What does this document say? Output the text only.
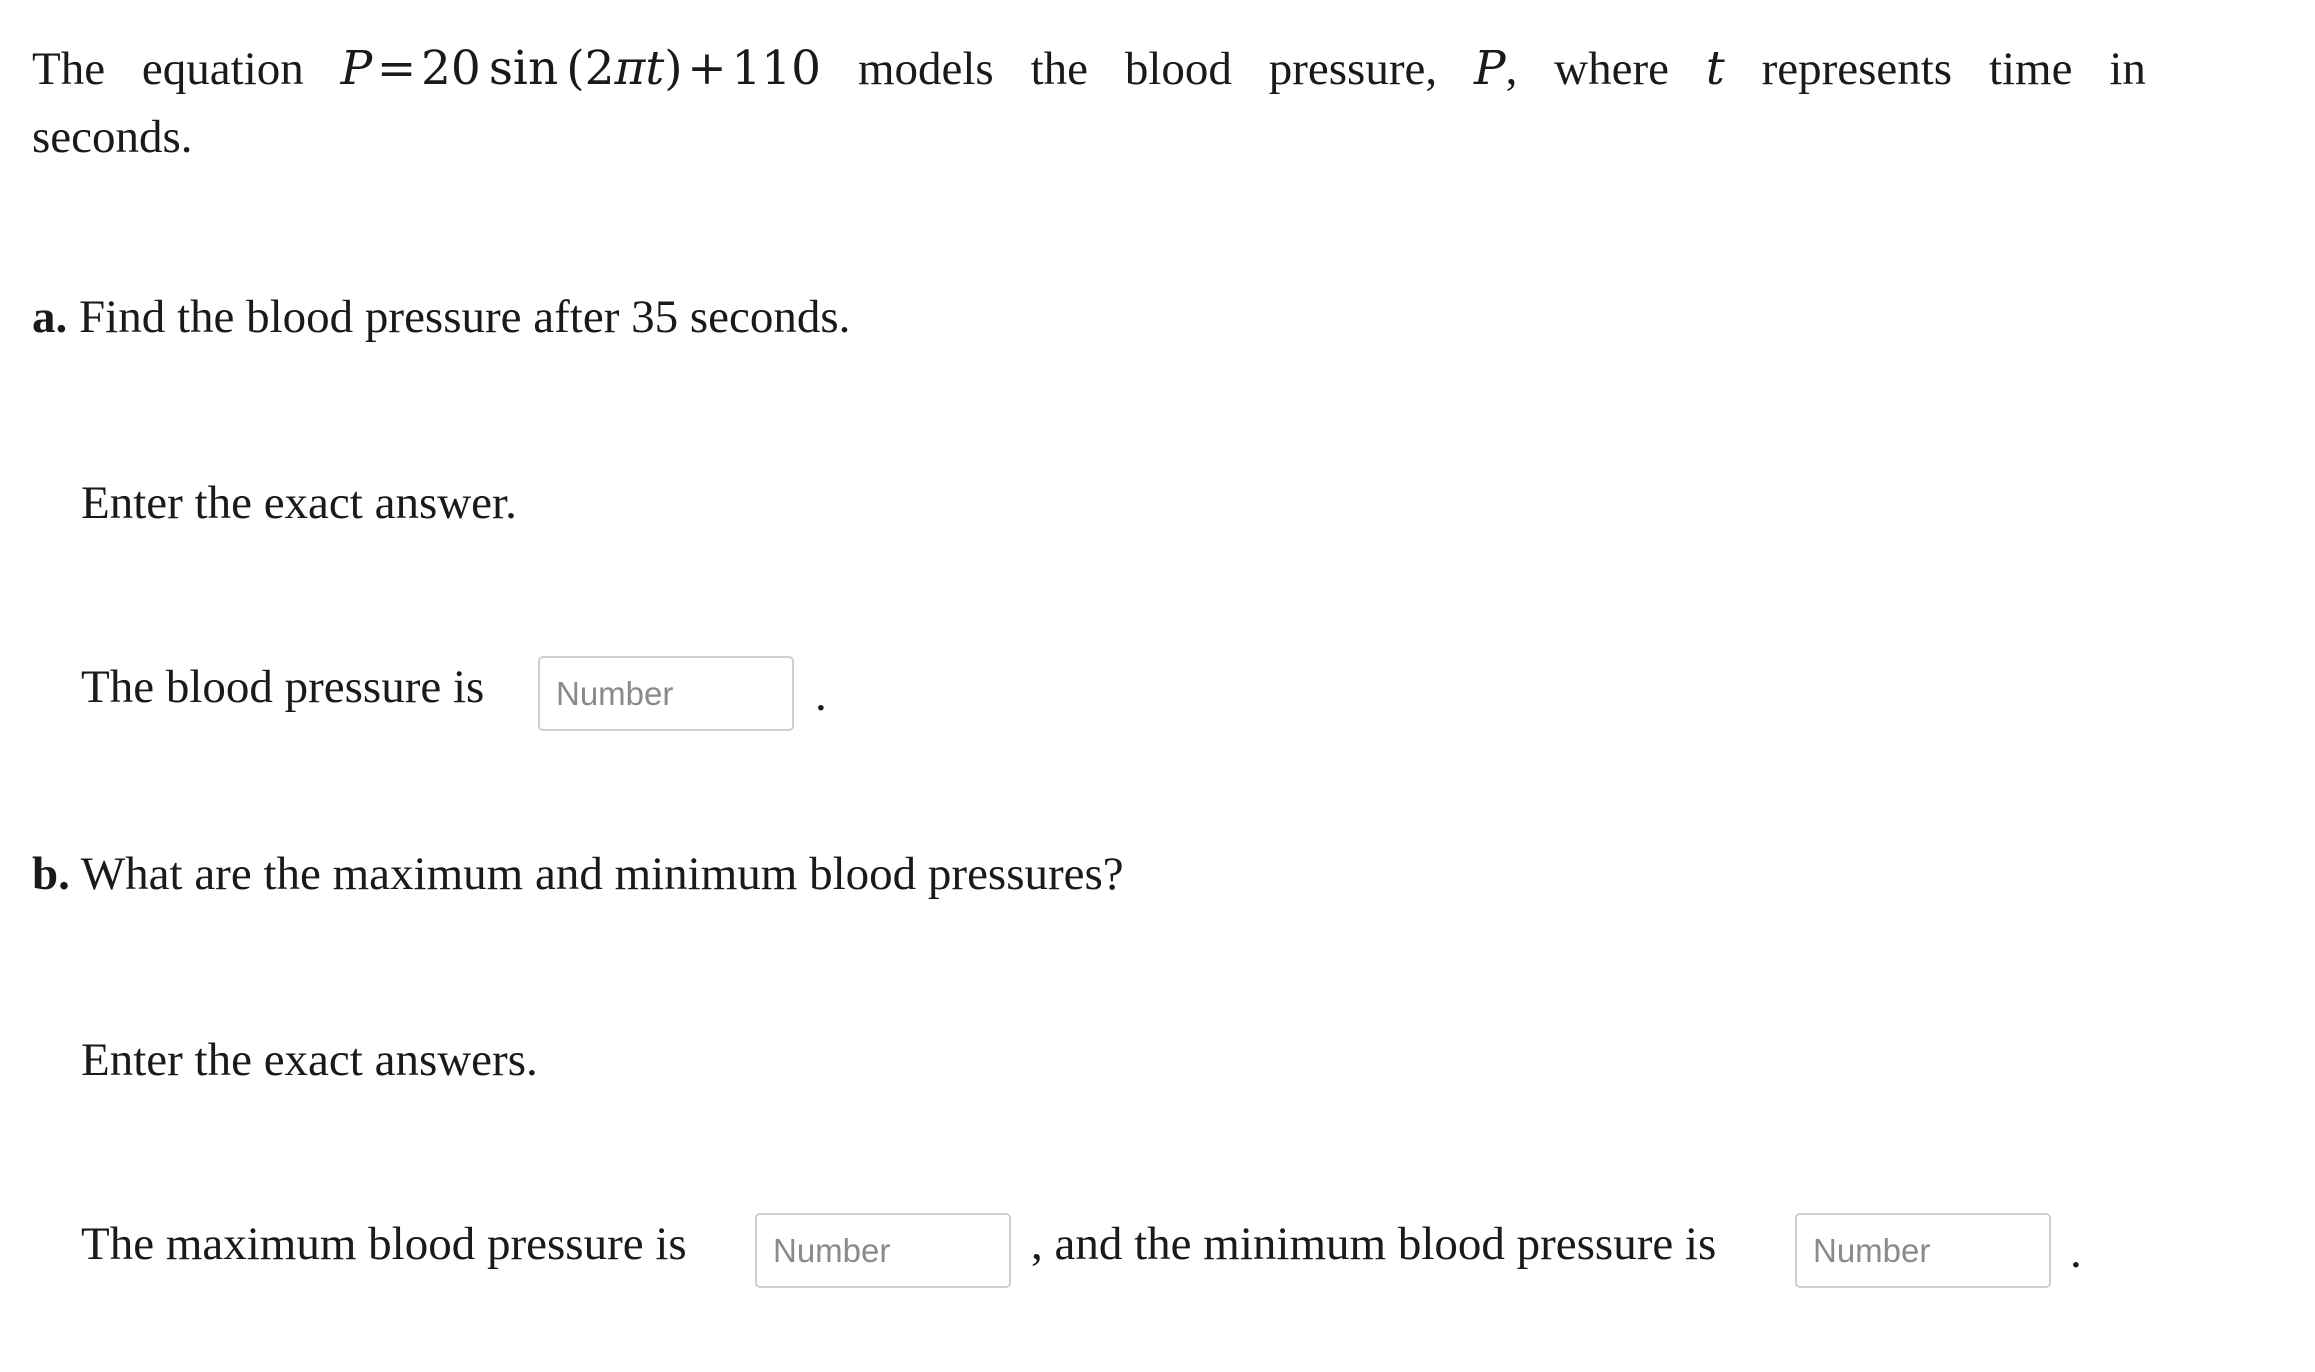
The equation P = 20 sin (2πt) + 110 models the blood pressure, P, where t represents time in
seconds.
a. Find the blood pressure after 35 seconds.
Enter the exact answer.
The blood pressure is
Number	.
b. What are the maximum and minimum blood pressures?
Enter the exact answers.
The maximum blood pressure is
Number	, and the minimum blood pressure is
Number	.
